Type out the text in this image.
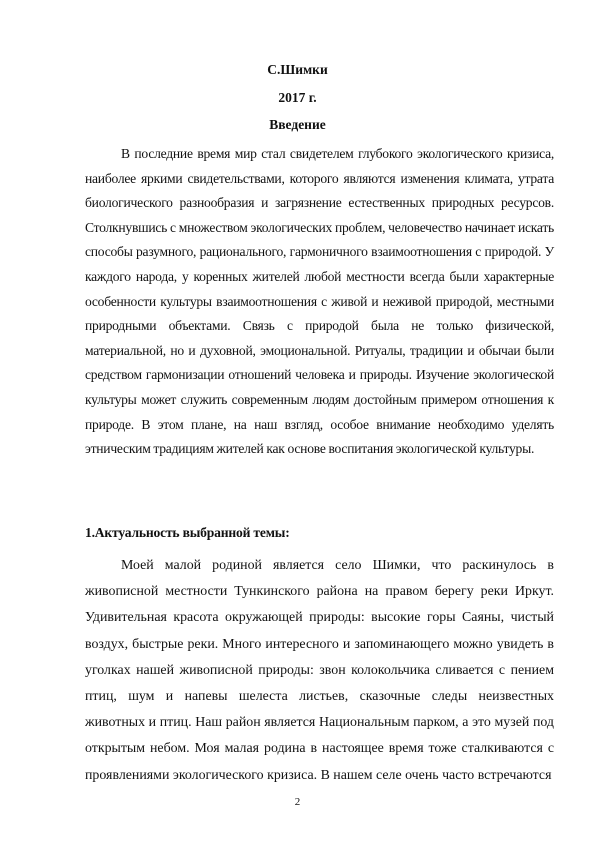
С.Шимки
2017 г.
Введение

В последние время мир стал свидетелем глубокого экологического кризиса, наиболее яркими свидетельствами, которого являются изменения климата, утрата биологического разнообразия и загрязнение естественных природных ресурсов. Столкнувшись с множеством экологических проблем, человечество начинает искать способы разумного, рационального, гармоничного взаимоотношения с природой. У каждого народа, у коренных жителей любой местности всегда были характерные особенности культуры взаимоотношения с живой и неживой природой, местными природными объектами. Связь с природой была не только физической, материальной, но и духовной, эмоциональной. Ритуалы, традиции и обычаи были средством гармонизации отношений человека и природы. Изучение экологической культуры может служить современным людям достойным примером отношения к природе. В этом плане, на наш взгляд, особое внимание необходимо уделять этническим традициям жителей как основе воспитания экологической культуры.

1.Актуальность выбранной темы:

Моей малой родиной является село Шимки, что раскинулось в живописной местности Тункинского района на правом берегу реки Иркут. Удивительная красота окружающей природы: высокие горы Саяны, чистый воздух, быстрые реки. Много интересного и запоминающего можно увидеть в уголках нашей живописной природы: звон колокольчика сливается с пением птиц, шум и напевы шелеста листьев, сказочные следы неизвестных животных и птиц. Наш район является Национальным парком, а это музей под открытым небом. Моя малая родина в настоящее время тоже сталкиваются с проявлениями экологического кризиса. В нашем селе очень часто встречаются

2
